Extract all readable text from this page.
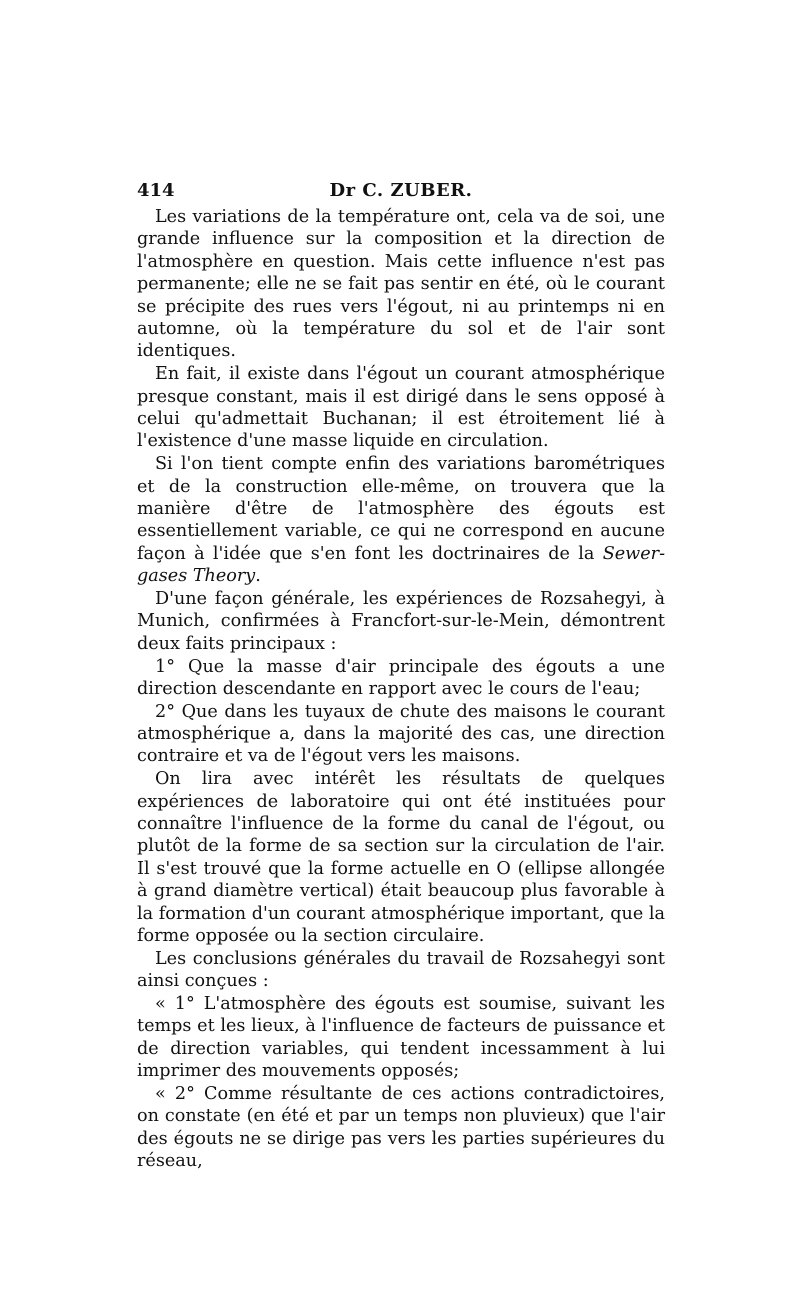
414	Dr C. ZUBER.

Les variations de la température ont, cela va de soi, une grande influence sur la composition et la direction de l'atmosphère en question. Mais cette influence n'est pas permanente; elle ne se fait pas sentir en été, où le courant se précipite des rues vers l'égout, ni au printemps ni en automne, où la température du sol et de l'air sont identiques.

En fait, il existe dans l'égout un courant atmosphérique presque constant, mais il est dirigé dans le sens opposé à celui qu'admettait Buchanan; il est étroitement lié à l'existence d'une masse liquide en circulation.

Si l'on tient compte enfin des variations barométriques et de la construction elle-même, on trouvera que la manière d'être de l'atmosphère des égouts est essentiellement variable, ce qui ne correspond en aucune façon à l'idée que s'en font les doctrinaires de la Sewer-gases Theory.

D'une façon générale, les expériences de Rozsahegyi, à Munich, confirmées à Francfort-sur-le-Mein, démontrent deux faits principaux :

1° Que la masse d'air principale des égouts a une direction descendante en rapport avec le cours de l'eau;

2° Que dans les tuyaux de chute des maisons le courant atmosphérique a, dans la majorité des cas, une direction contraire et va de l'égout vers les maisons.

On lira avec intérêt les résultats de quelques expériences de laboratoire qui ont été instituées pour connaître l'influence de la forme du canal de l'égout, ou plutôt de la forme de sa section sur la circulation de l'air. Il s'est trouvé que la forme actuelle en O (ellipse allongée à grand diamètre vertical) était beaucoup plus favorable à la formation d'un courant atmosphérique important, que la forme opposée ou la section circulaire.

Les conclusions générales du travail de Rozsahegyi sont ainsi conçues :

« 1° L'atmosphère des égouts est soumise, suivant les temps et les lieux, à l'influence de facteurs de puissance et de direction variables, qui tendent incessamment à lui imprimer des mouvements opposés;

« 2° Comme résultante de ces actions contradictoires, on constate (en été et par un temps non pluvieux) que l'air des égouts ne se dirige pas vers les parties supérieures du réseau,
